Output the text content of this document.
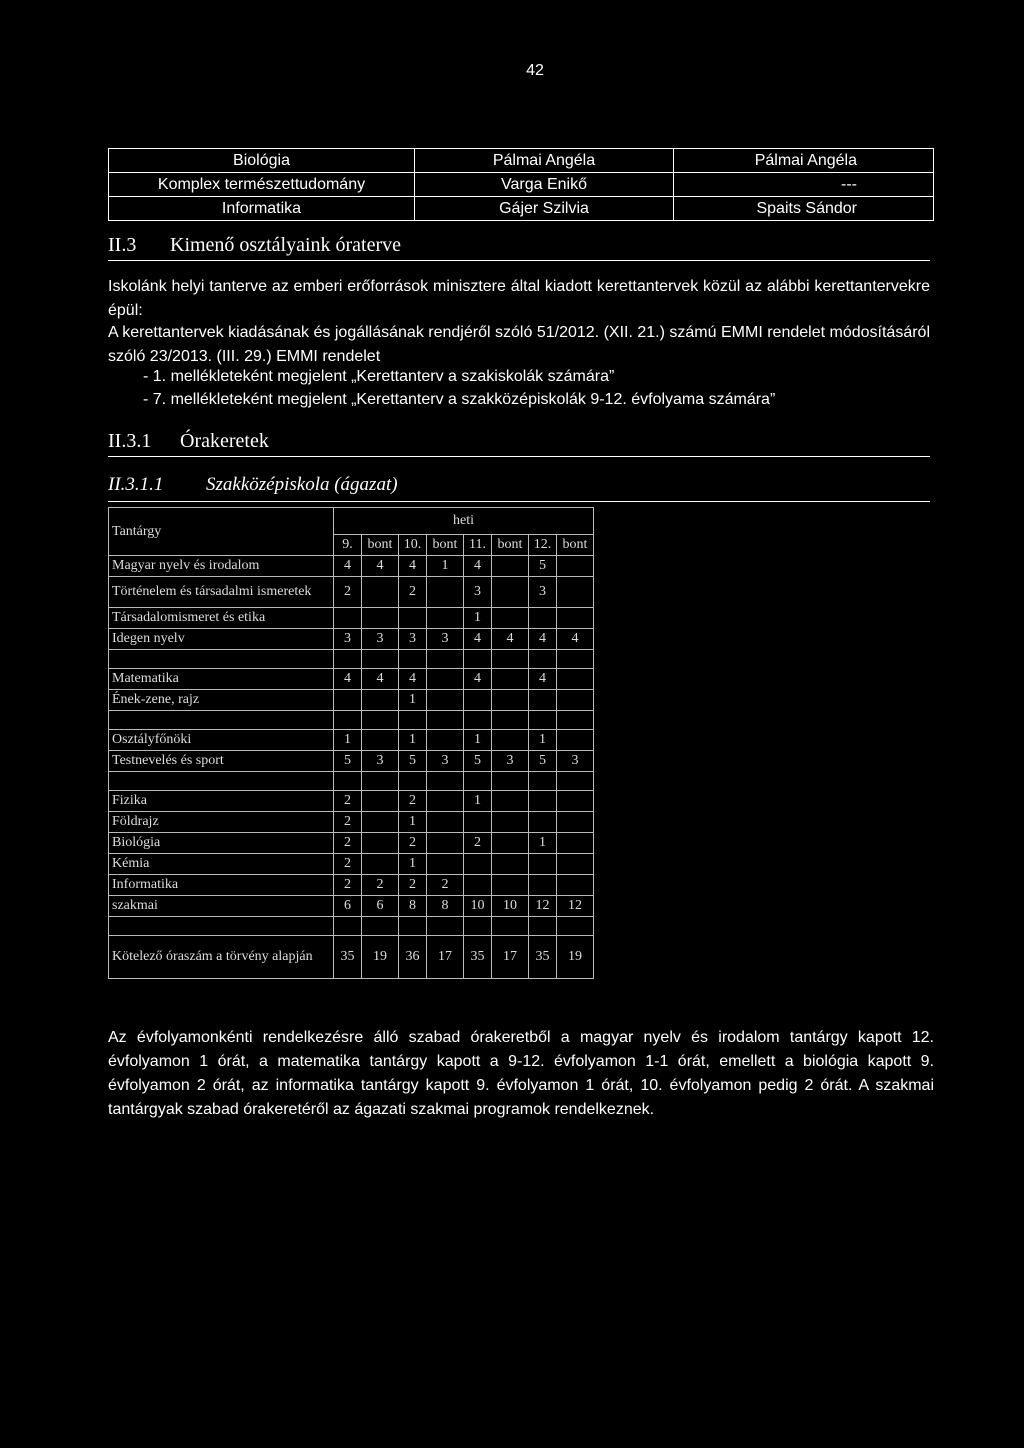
42
Biológia	Pálmai Angéla	Pálmai Angéla
Komplex természettudomány	Varga Enikő	---
Informatika	Gájer Szilvia	Spaits Sándor
II.3 Kimenő osztályaink óraterve
Iskolánk helyi tanterve az emberi erőforrások minisztere által kiadott kerettantervek közül az alábbi kerettantervekre épül:
A kerettantervek kiadásának és jogállásának rendjéről szóló 51/2012. (XII. 21.) számú EMMI rendelet módosításáról szóló 23/2013. (III. 29.) EMMI rendelet
- 1. mellékleteként megjelent „Kerettanterv a szakiskolák számára”
- 7. mellékleteként megjelent „Kerettanterv a szakközépiskolák 9-12. évfolyama számára”
II.3.1 Órakeretek
II.3.1.1 Szakközépiskola (ágazat)
Tantárgy	heti							
	9.	bont	10.	bont	11.	bont	12.	bont
Magyar nyelv és irodalom	4	4	4	1	4		5	
Történelem és társadalmi ismeretek	2		2		3		3	
Társadalomismeret és etika					1			
Idegen nyelv	3	3	3	3	4	4	4	4

Matematika	4	4	4		4		4	
Ének-zene, rajz			1					

Osztályfőnöki	1		1		1		1	
Testnevelés és sport	5	3	5	3	5	3	5	3

Fizika	2		2		1			
Földrajz	2		1					
Biológia	2		2		2		1	
Kémia	2		1					
Informatika	2	2	2	2				
szakmai	6	6	8	8	10	10	12	12

Kötelező óraszám a törvény alapján	35	19	36	17	35	17	35	19
Az évfolyamonkénti rendelkezésre álló szabad órakeretből a magyar nyelv és irodalom tantárgy kapott 12. évfolyamon 1 órát, a matematika tantárgy kapott a 9-12. évfolyamon 1-1 órát, emellett a biológia kapott 9. évfolyamon 2 órát, az informatika tantárgy kapott 9. évfolyamon 1 órát, 10. évfolyamon pedig 2 órát. A szakmai tantárgyak szabad órakeretéről az ágazati szakmai programok rendelkeznek.
